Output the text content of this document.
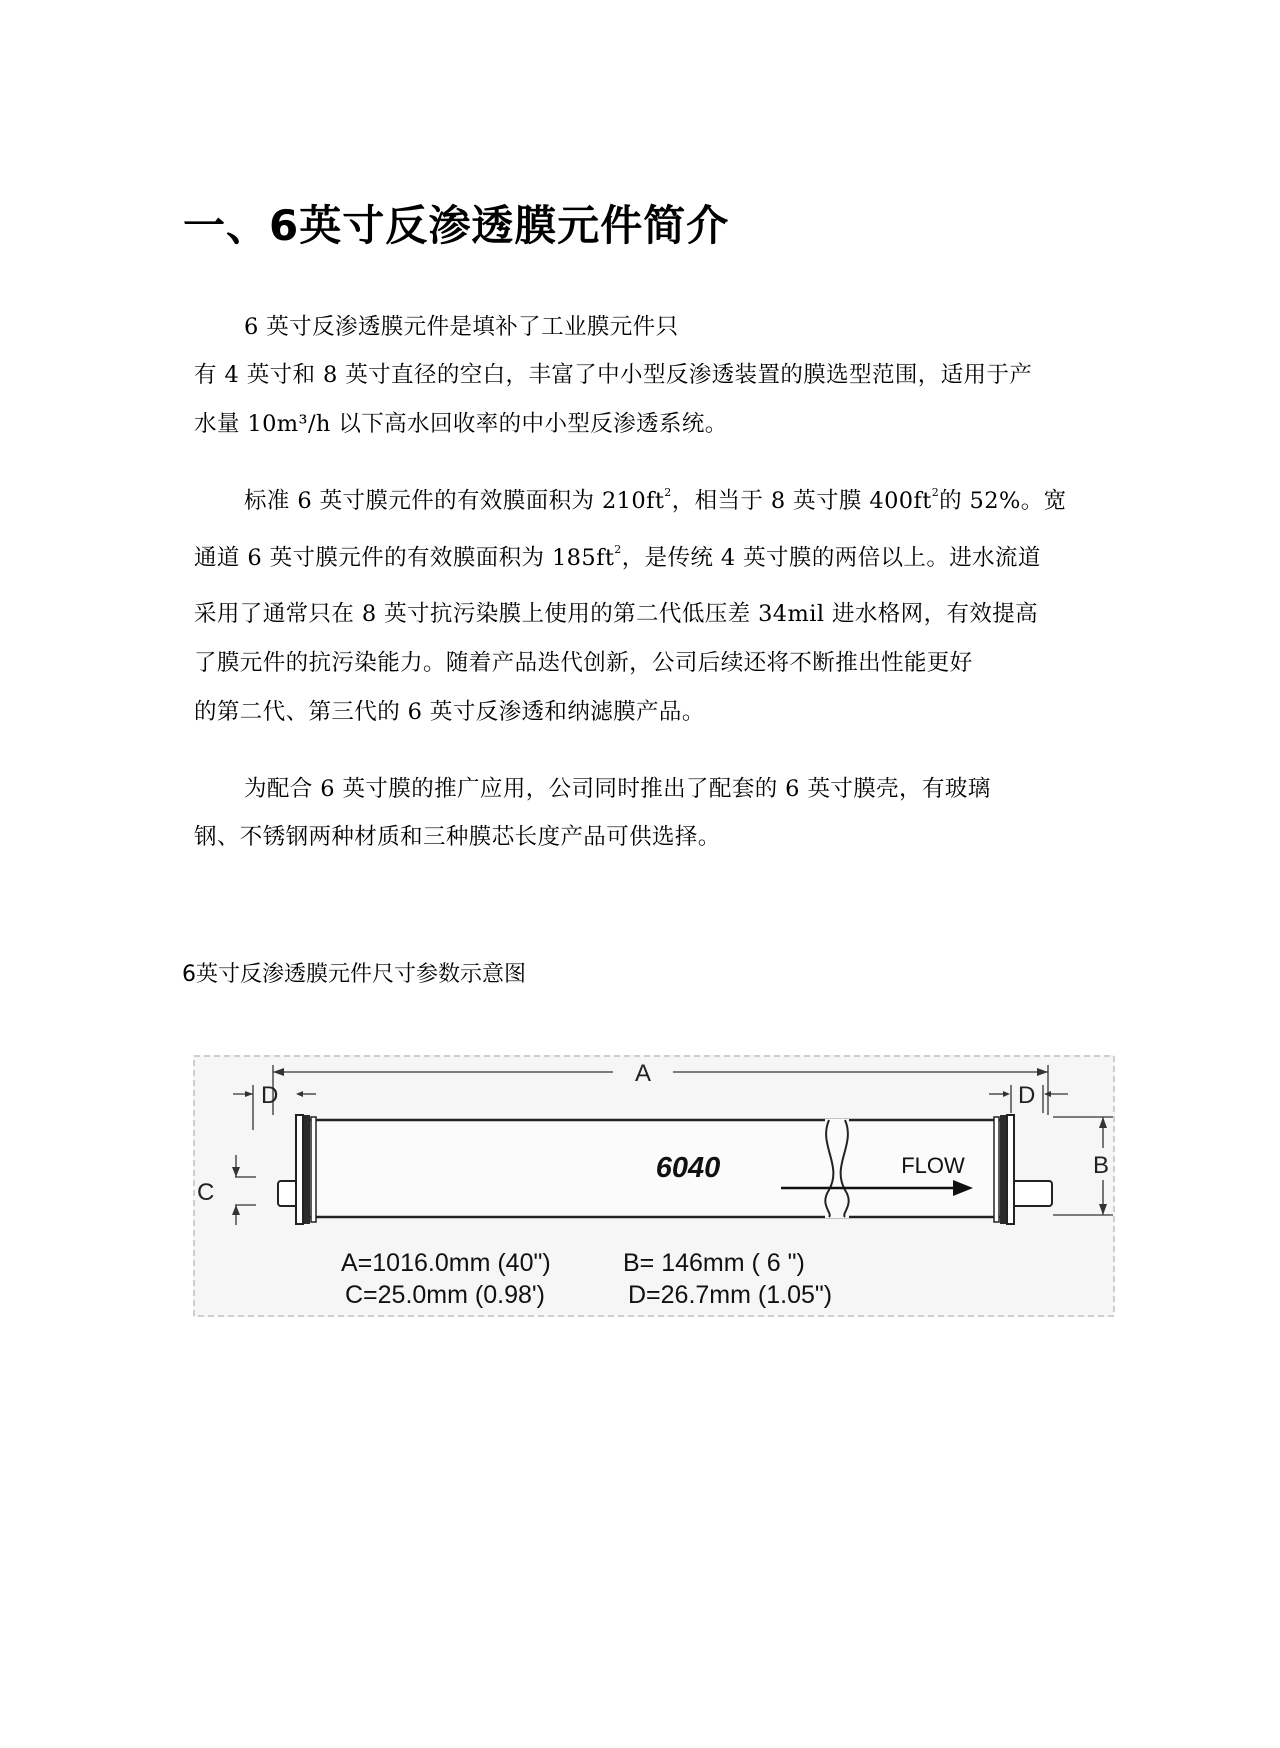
一、6英寸反渗透膜元件简介
6 英寸反渗透膜元件是填补了工业膜元件只
有 4 英寸和 8 英寸直径的空白，丰富了中小型反渗透装置的膜选型范围，适用于产
水量 10m³/h 以下高水回收率的中小型反渗透系统。
标准 6 英寸膜元件的有效膜面积为 $210ft^2$，相当于 8 英寸膜 $400ft^2$的 52%。宽
通道 6 英寸膜元件的有效膜面积为 $185ft^2$，是传统 4 英寸膜的两倍以上。进水流道
采用了通常只在 8 英寸抗污染膜上使用的第二代低压差 34mil 进水格网，有效提高
了膜元件的抗污染能力。随着产品迭代创新，公司后续还将不断推出性能更好
的第二代、第三代的 6 英寸反渗透和纳滤膜产品。
为配合 6 英寸膜的推广应用，公司同时推出了配套的 6 英寸膜壳，有玻璃
钢、不锈钢两种材质和三种膜芯长度产品可供选择。
6英寸反渗透膜元件尺寸参数示意图
A
D	D
C
B
6040	FLOW
A=1016.0mm (40")	B= 146mm ( 6 ")
C=25.0mm (0.98')	D=26.7mm (1.05")
